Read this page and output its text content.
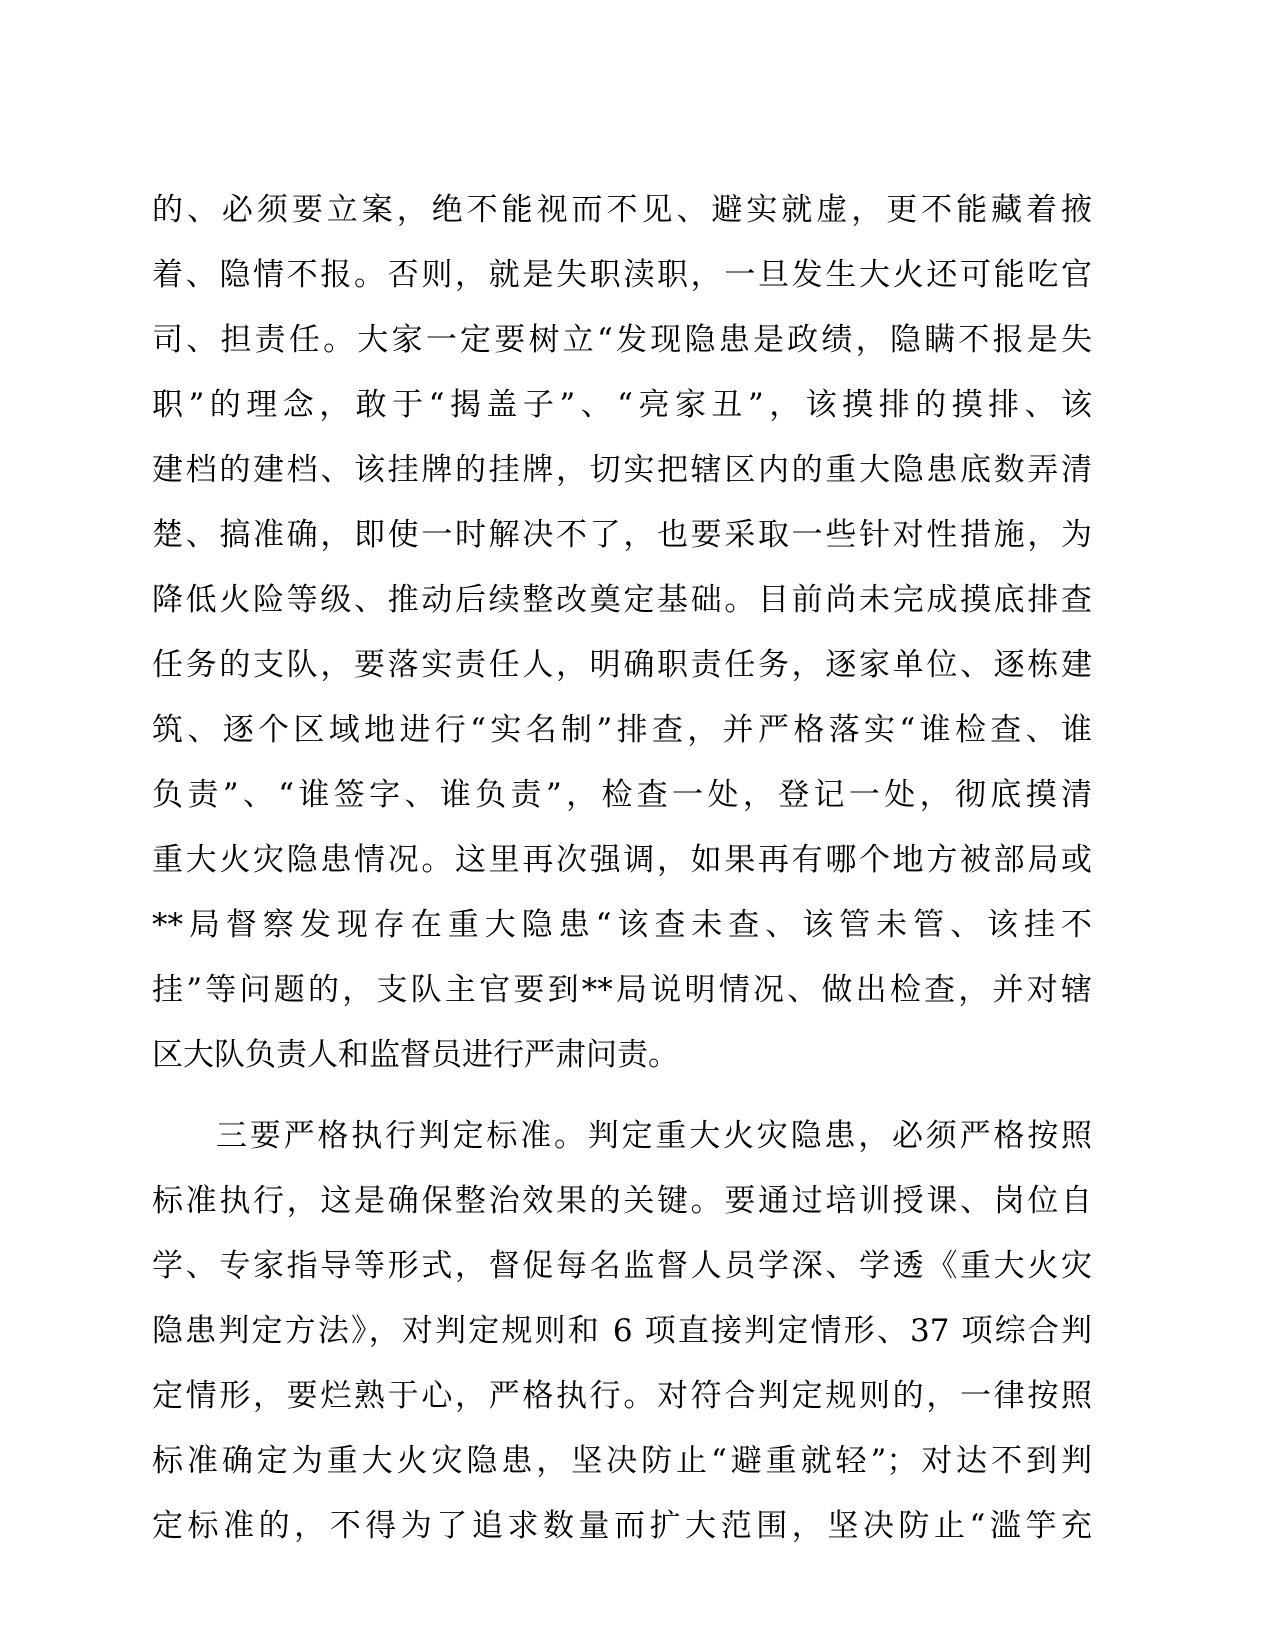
的、必须要立案，绝不能视而不见、避实就虚，更不能藏着掖
着、隐情不报。否则，就是失职渎职，一旦发生大火还可能吃官
司、担责任。大家一定要树立“发现隐患是政绩，隐瞒不报是失
职”的理念，敢于“揭盖子”、“亮家丑”，该摸排的摸排、该
建档的建档、该挂牌的挂牌，切实把辖区内的重大隐患底数弄清
楚、搞准确，即使一时解决不了，也要采取一些针对性措施，为
降低火险等级、推动后续整改奠定基础。目前尚未完成摸底排查
任务的支队，要落实责任人，明确职责任务，逐家单位、逐栋建
筑、逐个区域地进行“实名制”排查，并严格落实“谁检查、谁
负责”、“谁签字、谁负责”，检查一处，登记一处，彻底摸清
重大火灾隐患情况。这里再次强调，如果再有哪个地方被部局或
**局督察发现存在重大隐患“该查未查、该管未管、该挂不
挂”等问题的，支队主官要到**局说明情况、做出检查，并对辖
区大队负责人和监督员进行严肃问责。
三要严格执行判定标准。判定重大火灾隐患，必须严格按照
标准执行，这是确保整治效果的关键。要通过培训授课、岗位自
学、专家指导等形式，督促每名监督人员学深、学透《重大火灾
隐患判定方法》，对判定规则和 6 项直接判定情形、37 项综合判
定情形，要烂熟于心，严格执行。对符合判定规则的，一律按照
标准确定为重大火灾隐患，坚决防止“避重就轻”；对达不到判
定标准的，不得为了追求数量而扩大范围，坚决防止“滥竽充
